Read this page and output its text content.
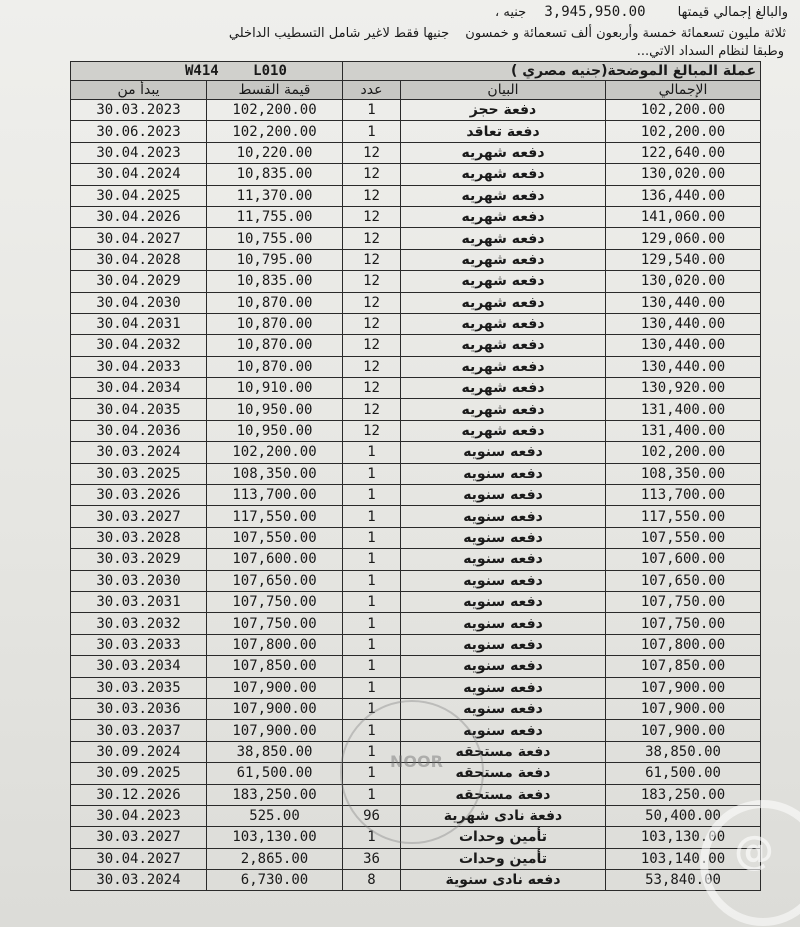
والبالغ إجمالي قيمتها 3,945,950.00 جنيه ،
ثلاثة مليون تسعمائة خمسة وأربعون ألف تسعمائة و خمسون جنيها فقط لاغير شامل التسطيب الداخلي
وطبقا لنظام السداد الاتي...
W414 L010		عملة المبالغ الموضحة(جنيه مصري )		
يبدأ من	قيمة القسط	عدد	البيان	الإجمالي
30.03.2023	102,200.00	1	دفعة حجز	102,200.00
30.06.2023	102,200.00	1	دفعة تعاقد	102,200.00
30.04.2023	10,220.00	12	دفعه شهريه	122,640.00
30.04.2024	10,835.00	12	دفعه شهريه	130,020.00
30.04.2025	11,370.00	12	دفعه شهريه	136,440.00
30.04.2026	11,755.00	12	دفعه شهريه	141,060.00
30.04.2027	10,755.00	12	دفعه شهريه	129,060.00
30.04.2028	10,795.00	12	دفعه شهريه	129,540.00
30.04.2029	10,835.00	12	دفعه شهريه	130,020.00
30.04.2030	10,870.00	12	دفعه شهريه	130,440.00
30.04.2031	10,870.00	12	دفعه شهريه	130,440.00
30.04.2032	10,870.00	12	دفعه شهريه	130,440.00
30.04.2033	10,870.00	12	دفعه شهريه	130,440.00
30.04.2034	10,910.00	12	دفعه شهريه	130,920.00
30.04.2035	10,950.00	12	دفعه شهريه	131,400.00
30.04.2036	10,950.00	12	دفعه شهريه	131,400.00
30.03.2024	102,200.00	1	دفعه سنويه	102,200.00
30.03.2025	108,350.00	1	دفعه سنويه	108,350.00
30.03.2026	113,700.00	1	دفعه سنويه	113,700.00
30.03.2027	117,550.00	1	دفعه سنويه	117,550.00
30.03.2028	107,550.00	1	دفعه سنويه	107,550.00
30.03.2029	107,600.00	1	دفعه سنويه	107,600.00
30.03.2030	107,650.00	1	دفعه سنويه	107,650.00
30.03.2031	107,750.00	1	دفعه سنويه	107,750.00
30.03.2032	107,750.00	1	دفعه سنويه	107,750.00
30.03.2033	107,800.00	1	دفعه سنويه	107,800.00
30.03.2034	107,850.00	1	دفعه سنويه	107,850.00
30.03.2035	107,900.00	1	دفعه سنويه	107,900.00
30.03.2036	107,900.00	1	دفعه سنويه	107,900.00
30.03.2037	107,900.00	1	دفعه سنويه	107,900.00
30.09.2024	38,850.00	1	دفعة مستحقه	38,850.00
30.09.2025	61,500.00	1	دفعة مستحقه	61,500.00
30.12.2026	183,250.00	1	دفعة مستحقه	183,250.00
30.04.2023	525.00	96	دفعة نادى شهرية	50,400.00
30.03.2027	103,130.00	1	تأمين وحدات	103,130.00
30.04.2027	2,865.00	36	تأمين وحدات	103,140.00
30.03.2024	6,730.00	8	دفعه نادى سنوية	53,840.00
NOOR
@
